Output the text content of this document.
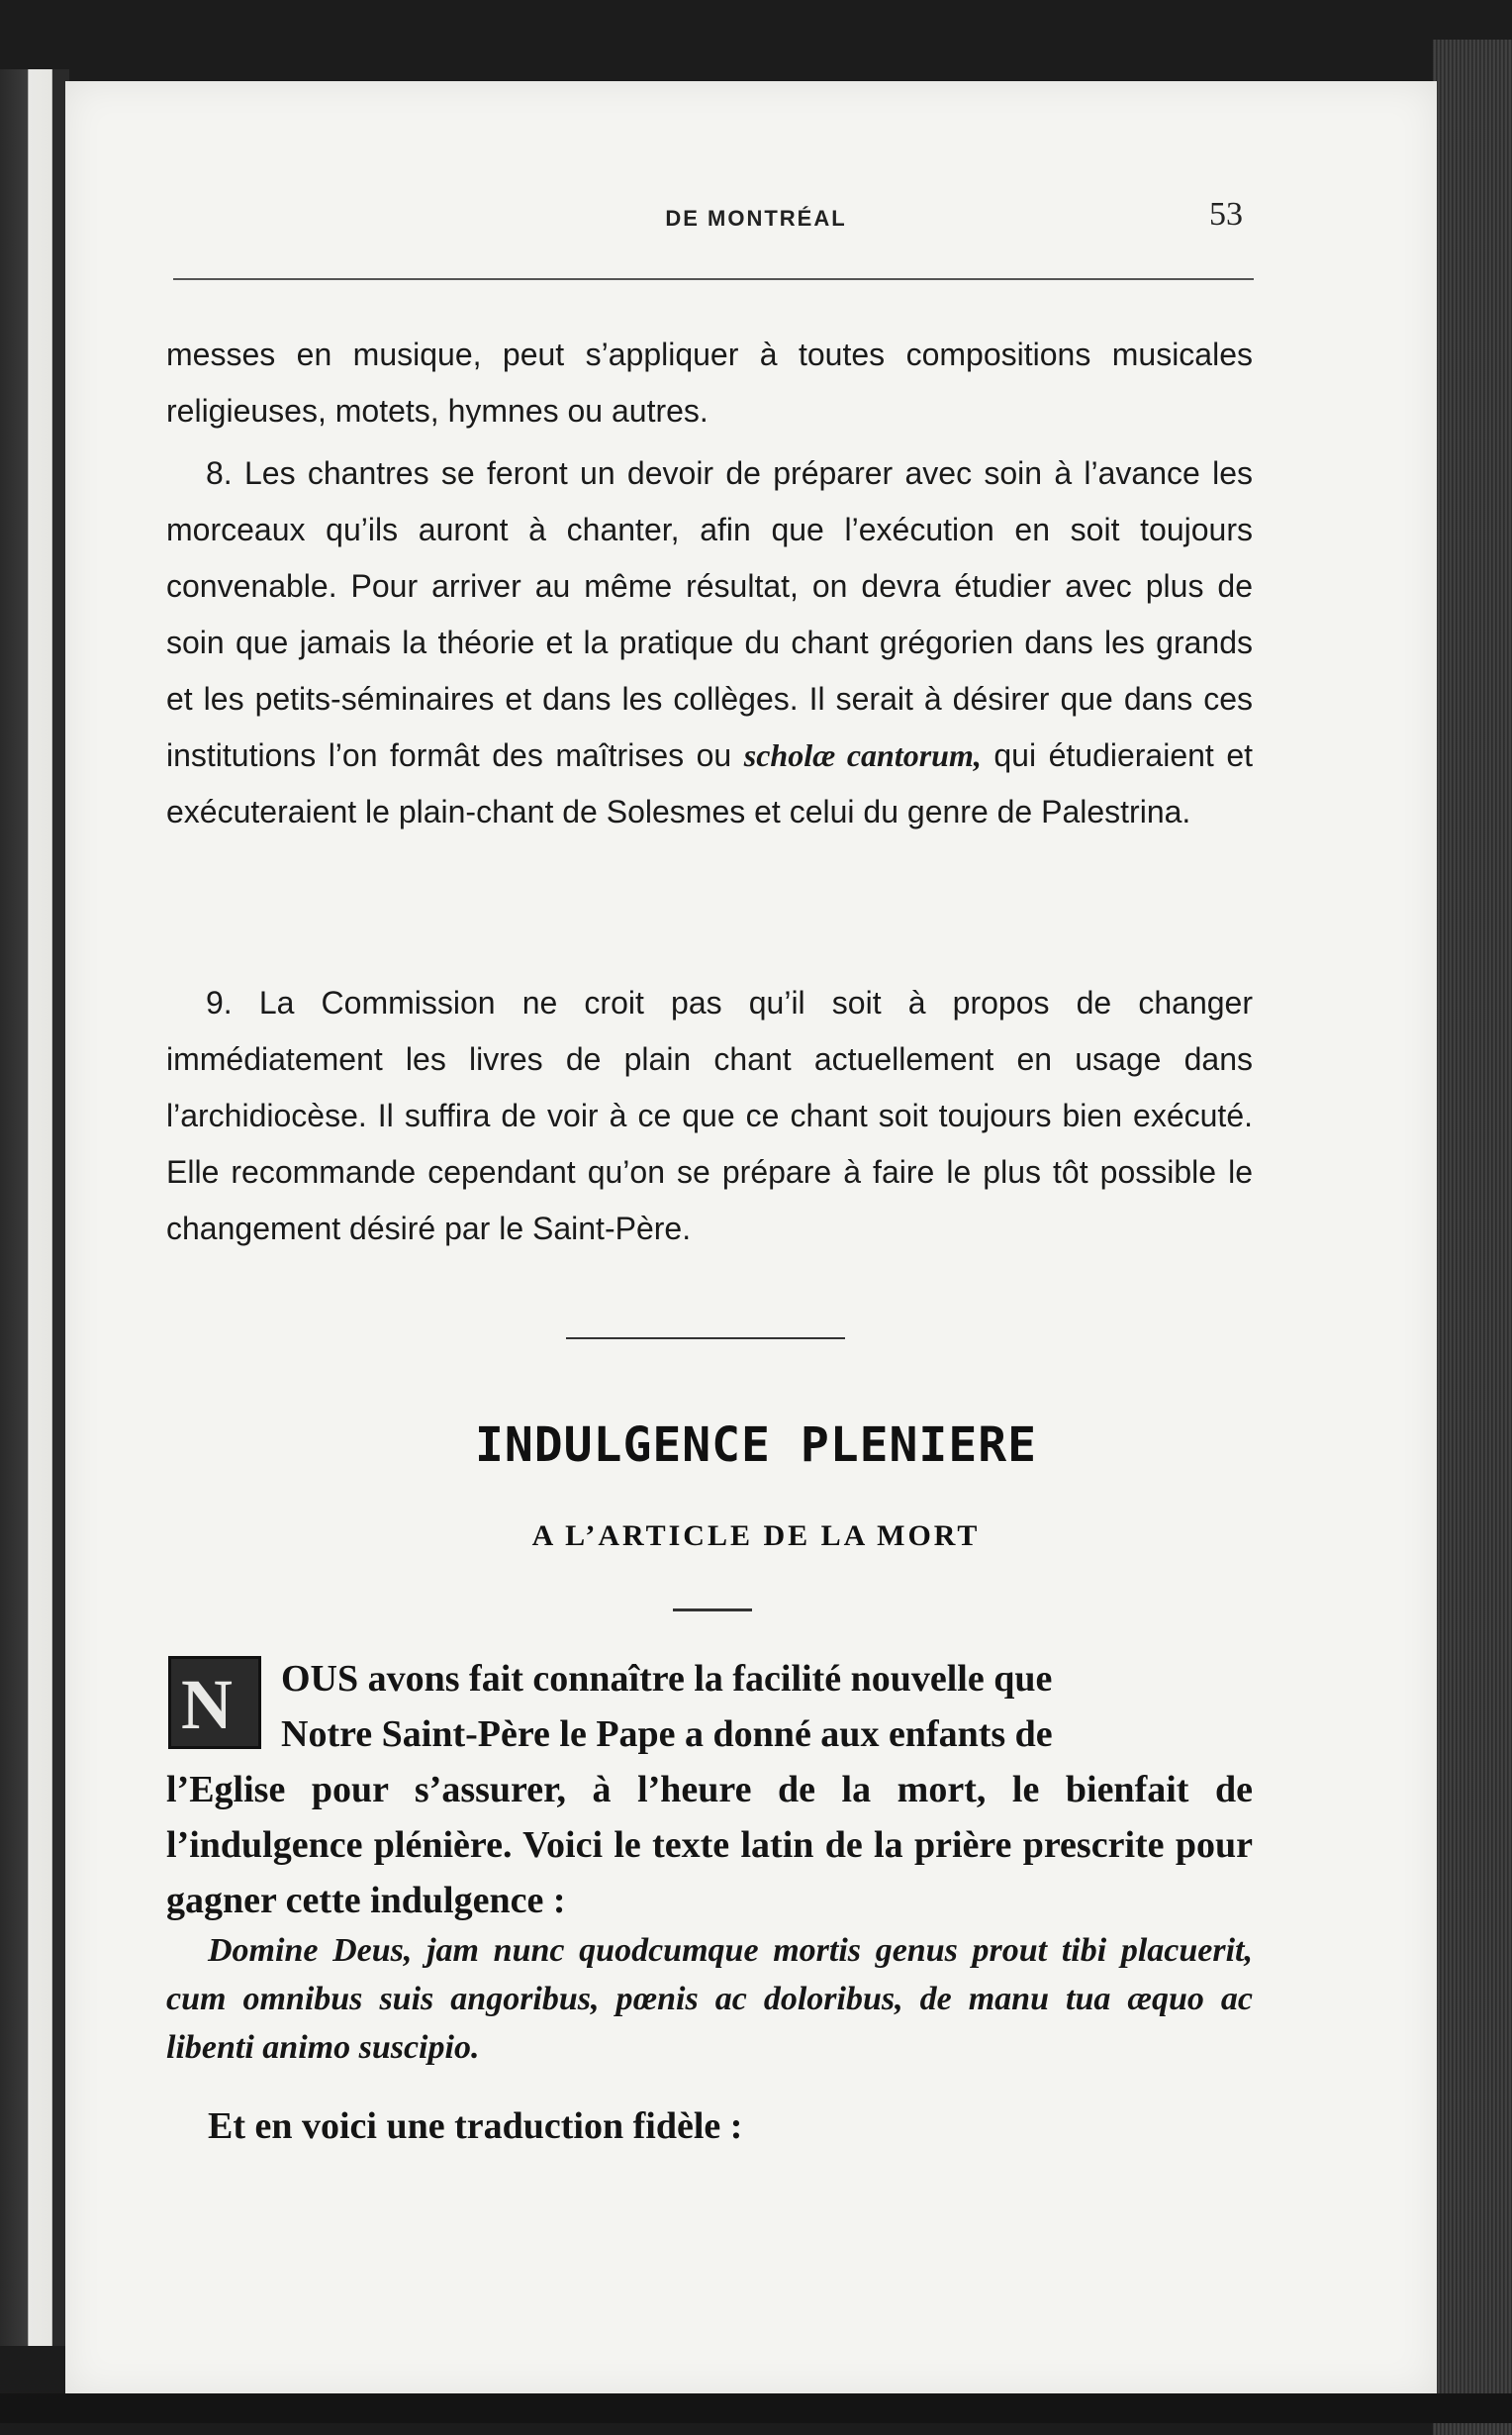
DE MONTRÉAL	53

messes en musique, peut s’appliquer à toutes compositions musicales religieuses, motets, hymnes ou autres.

8. Les chantres se feront un devoir de préparer avec soin à l’avance les morceaux qu’ils auront à chanter, afin que l’exécution en soit toujours convenable. Pour arriver au même résultat, on devra étudier avec plus de soin que jamais la théorie et la pratique du chant grégorien dans les grands et les petits-séminaires et dans les collèges. Il serait à désirer que dans ces institutions l’on formât des maîtrises ou scholæ cantorum, qui étudieraient et exécuteraient le plain-chant de Solesmes et celui du genre de Palestrina.

9. La Commission ne croit pas qu’il soit à propos de changer immédiatement les livres de plain chant actuellement en usage dans l’archidiocèse. Il suffira de voir à ce que ce chant soit toujours bien exécuté. Elle recommande cependant qu’on se prépare à faire le plus tôt possible le changement désiré par le Saint-Père.

INDULGENCE PLENIERE
A L’ARTICLE DE LA MORT
N OUS avons fait connaître la facilité nouvelle que
Notre Saint-Père le Pape a donné aux enfants de
l’Eglise pour s’assurer, à l’heure de la mort, le bienfait de l’indulgence plénière. Voici le texte latin de la prière prescrite pour gagner cette indulgence :
Domine Deus, jam nunc quodcumque mortis genus prout tibi placuerit, cum omnibus suis angoribus, pœnis ac doloribus, de manu tua æquo ac libenti animo suscipio.
Et en voici une traduction fidèle :
